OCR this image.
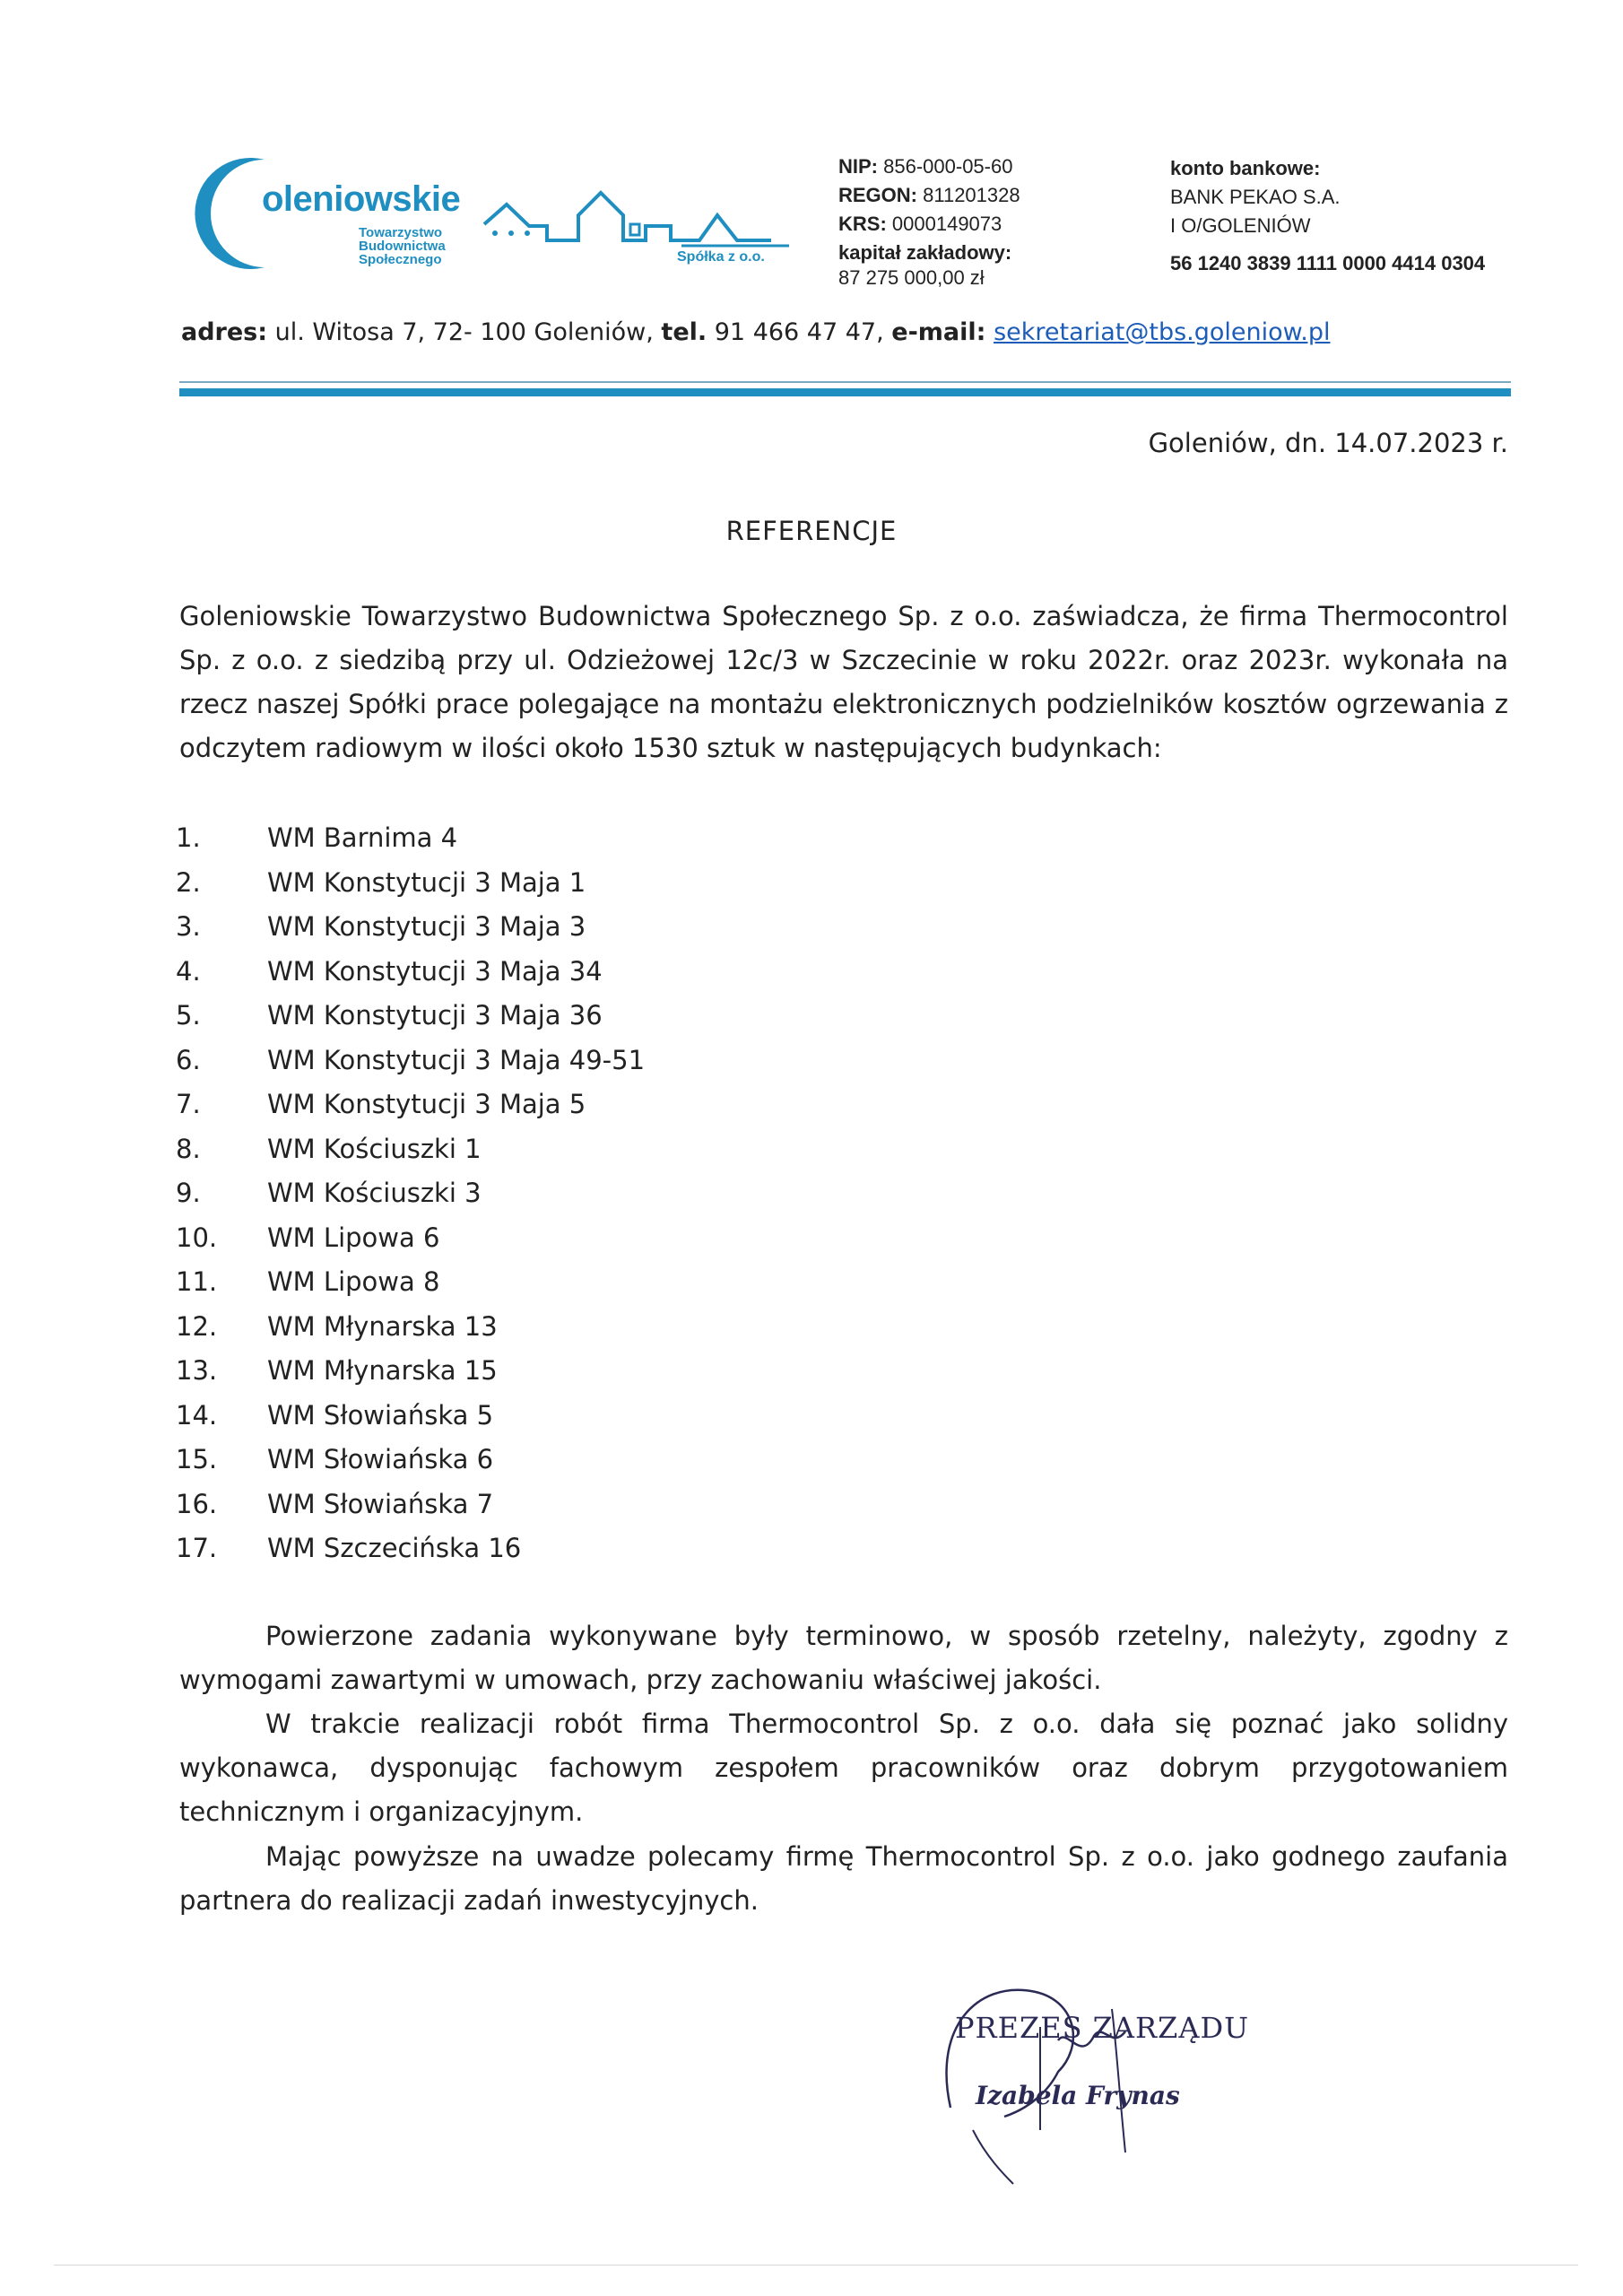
oleniowskie
Towarzystwo
Budownictwa
Społecznego	Spółka z o.o.
NIP: 856-000-05-60
REGON: 811201328
KRS: 0000149073
kapitał zakładowy:
87 275 000,00 zł
konto bankowe:
BANK PEKAO S.A.
I O/GOLENIÓW
56 1240 3839 1111 0000 4414 0304
adres: ul. Witosa 7, 72- 100 Goleniów, tel. 91 466 47 47, e-mail: sekretariat@tbs.goleniow.pl
Goleniów, dn. 14.07.2023 r.
REFERENCJE
Goleniowskie Towarzystwo Budownictwa Społecznego Sp. z o.o. zaświadcza, że firma Thermocontrol Sp. z o.o. z siedzibą przy ul. Odzieżowej 12c/3 w Szczecinie w roku 2022r. oraz 2023r. wykonała na rzecz naszej Spółki prace polegające na montażu elektronicznych podzielników kosztów ogrzewania z odczytem radiowym w ilości około 1530 sztuk w następujących budynkach:
1.	WM Barnima 4
2.	WM Konstytucji 3 Maja 1
3.	WM Konstytucji 3 Maja 3
4.	WM Konstytucji 3 Maja 34
5.	WM Konstytucji 3 Maja 36
6.	WM Konstytucji 3 Maja 49-51
7.	WM Konstytucji 3 Maja 5
8.	WM Kościuszki 1
9.	WM Kościuszki 3
10.	WM Lipowa 6
11.	WM Lipowa 8
12.	WM Młynarska 13
13.	WM Młynarska 15
14.	WM Słowiańska 5
15.	WM Słowiańska 6
16.	WM Słowiańska 7
17.	WM Szczecińska 16
Powierzone zadania wykonywane były terminowo, w sposób rzetelny, należyty, zgodny z wymogami zawartymi w umowach, przy zachowaniu właściwej jakości.
W trakcie realizacji robót firma Thermocontrol Sp. z o.o. dała się poznać jako solidny wykonawca, dysponując fachowym zespołem pracowników oraz dobrym przygotowaniem technicznym i organizacyjnym.
Mając powyższe na uwadze polecamy firmę Thermocontrol Sp. z o.o. jako godnego zaufania partnera do realizacji zadań inwestycyjnych.
PREZES ZARZĄDU
Izabela Frynas
